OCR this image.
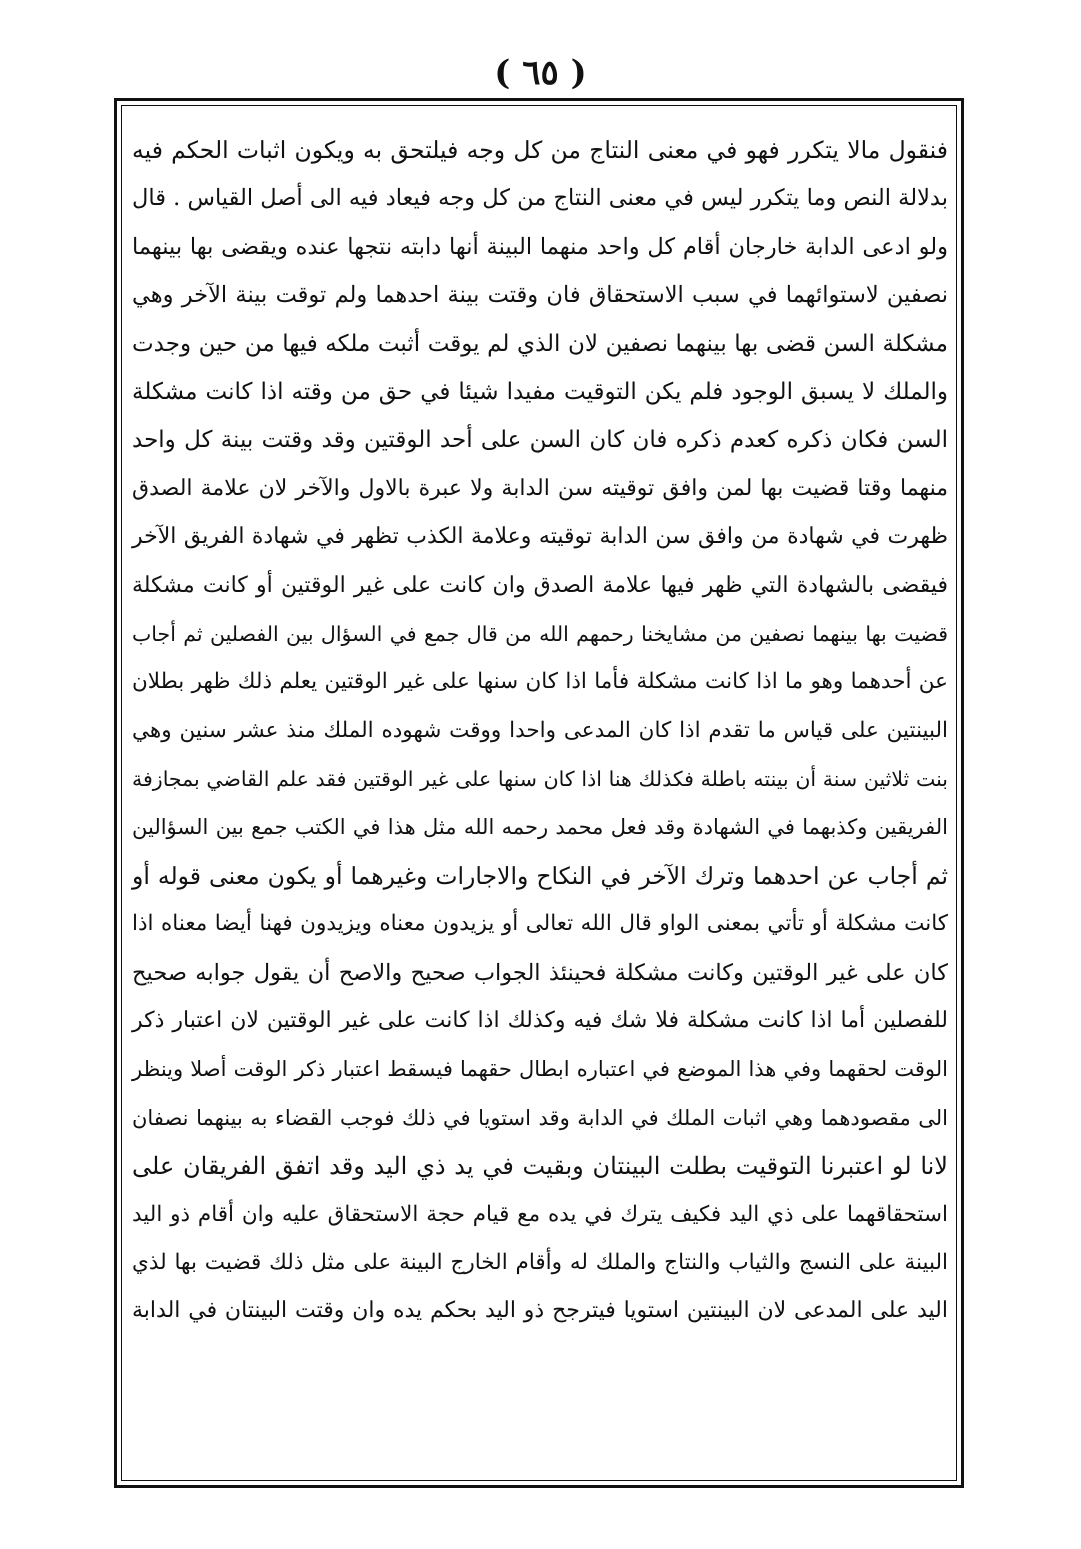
( ٦٥ )
فنقول مالا يتكرر فهو في معنى النتاج من كل وجه فيلتحق به ويكون اثبات الحكم فيه
بدلالة النص وما يتكرر ليس في معنى النتاج من كل وجه فيعاد فيه الى أصل القياس . قال
ولو ادعى الدابة خارجان أقام كل واحد منهما البينة أنها دابته نتجها عنده ويقضى بها بينهما
نصفين لاستوائهما في سبب الاستحقاق فان وقتت بينة احدهما ولم توقت بينة الآخر وهي
مشكلة السن قضى بها بينهما نصفين لان الذي لم يوقت أثبت ملكه فيها من حين وجدت
والملك لا يسبق الوجود فلم يكن التوقيت مفيدا شيئا في حق من وقته اذا كانت مشكلة
السن فكان ذكره كعدم ذكره فان كان السن على أحد الوقتين وقد وقتت بينة كل واحد
منهما وقتا قضيت بها لمن وافق توقيته سن الدابة ولا عبرة بالاول والآخر لان علامة الصدق
ظهرت في شهادة من وافق سن الدابة توقيته وعلامة الكذب تظهر في شهادة الفريق الآخر
فيقضى بالشهادة التي ظهر فيها علامة الصدق وان كانت على غير الوقتين أو كانت مشكلة
قضيت بها بينهما نصفين من مشايخنا رحمهم الله من قال جمع في السؤال بين الفصلين ثم أجاب
عن أحدهما وهو ما اذا كانت مشكلة فأما اذا كان سنها على غير الوقتين يعلم ذلك ظهر بطلان
البينتين على قياس ما تقدم اذا كان المدعى واحدا ووقت شهوده الملك منذ عشر سنين وهي
بنت ثلاثين سنة أن بينته باطلة فكذلك هنا اذا كان سنها على غير الوقتين فقد علم القاضي بمجازفة
الفريقين وكذبهما في الشهادة وقد فعل محمد رحمه الله مثل هذا في الكتب جمع بين السؤالين
ثم أجاب عن احدهما وترك الآخر في النكاح والاجارات وغيرهما أو يكون معنى قوله أو
كانت مشكلة أو تأتي بمعنى الواو قال الله تعالى أو يزيدون معناه ويزيدون فهنا أيضا معناه اذا
كان على غير الوقتين وكانت مشكلة فحينئذ الجواب صحيح والاصح أن يقول جوابه صحيح
للفصلين أما اذا كانت مشكلة فلا شك فيه وكذلك اذا كانت على غير الوقتين لان اعتبار ذكر
الوقت لحقهما وفي هذا الموضع في اعتباره ابطال حقهما فيسقط اعتبار ذكر الوقت أصلا وينظر
الى مقصودهما وهي اثبات الملك في الدابة وقد استويا في ذلك فوجب القضاء به بينهما نصفان
لانا لو اعتبرنا التوقيت بطلت البينتان وبقيت في يد ذي اليد وقد اتفق الفريقان على
استحقاقهما على ذي اليد فكيف يترك في يده مع قيام حجة الاستحقاق عليه وان أقام ذو اليد
البينة على النسج والثياب والنتاج والملك له وأقام الخارج البينة على مثل ذلك قضيت بها لذي
اليد على المدعى لان البينتين استويا فيترجح ذو اليد بحكم يده وان وقتت البينتان في الدابة
